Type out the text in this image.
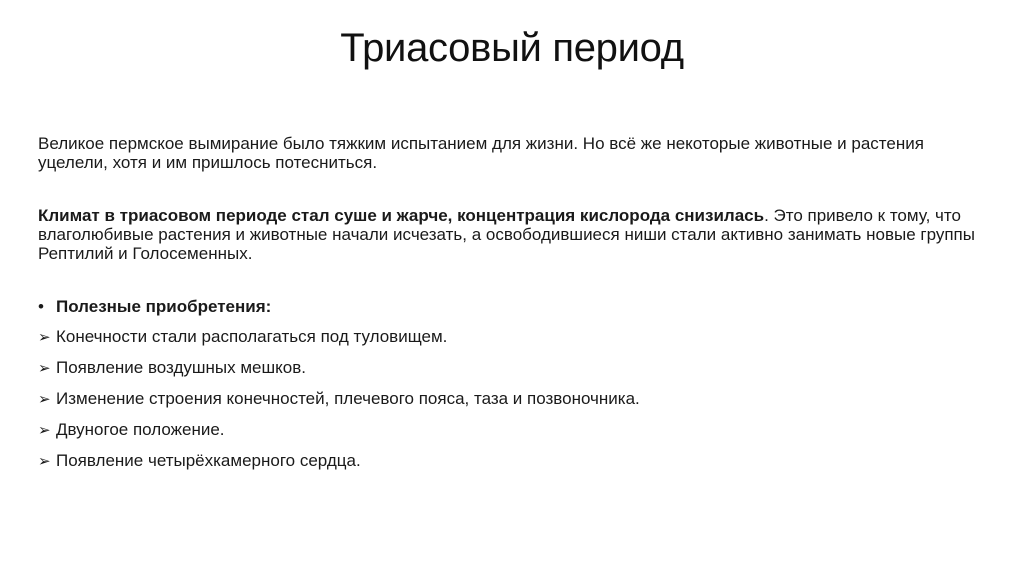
Триасовый период

Великое пермское вымирание было тяжким испытанием для жизни. Но всё же некоторые животные и растения уцелели, хотя и им пришлось потесниться.

Климат в триасовом периоде стал суше и жарче, концентрация кислорода снизилась. Это привело к тому, что влаголюбивые растения и животные начали исчезать, а освободившиеся ниши стали активно занимать новые группы Рептилий и Голосеменных.

• Полезные приобретения:
➢ Конечности стали располагаться под туловищем.
➢ Появление воздушных мешков.
➢ Изменение строения конечностей, плечевого пояса, таза и позвоночника.
➢ Двуногое положение.
➢ Появление четырёхкамерного сердца.
